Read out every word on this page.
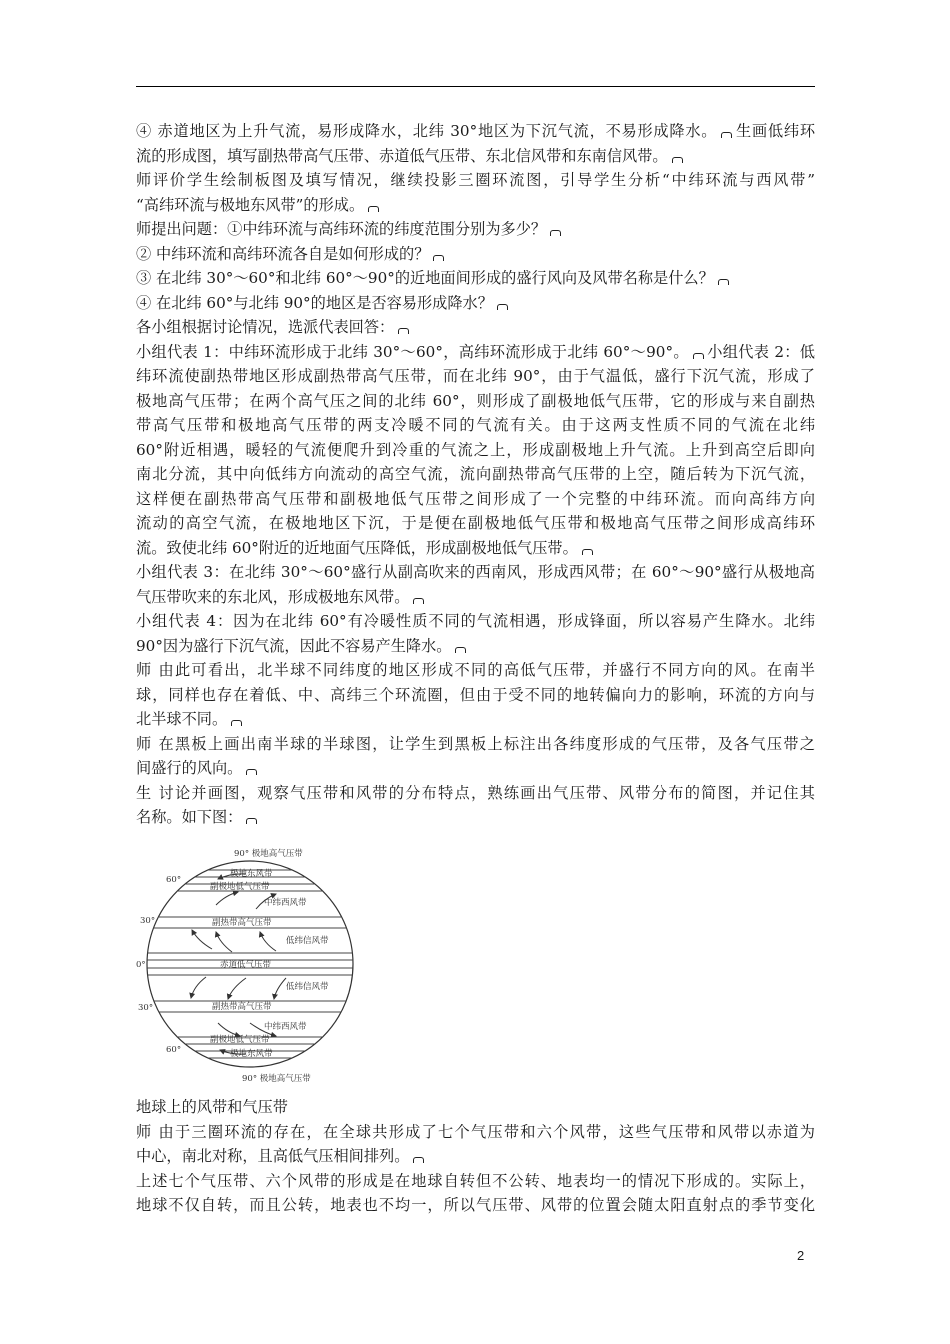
④ 赤道地区为上升气流，易形成降水，北纬 30°地区为下沉气流，不易形成降水。 生画低纬环
流的形成图，填写副热带高气压带、赤道低气压带、东北信风带和东南信风带。
师评价学生绘制板图及填写情况，继续投影三圈环流图，引导学生分析“中纬环流与西风带”
“高纬环流与极地东风带”的形成。
师提出问题：①中纬环流与高纬环流的纬度范围分别为多少？
② 中纬环流和高纬环流各自是如何形成的？
③ 在北纬 30°～60°和北纬 60°～90°的近地面间形成的盛行风向及风带名称是什么？
④ 在北纬 60°与北纬 90°的地区是否容易形成降水？
各小组根据讨论情况，选派代表回答：
小组代表 1：中纬环流形成于北纬 30°～60°，高纬环流形成于北纬 60°～90°。 小组代表 2：低
纬环流使副热带地区形成副热带高气压带，而在北纬 90°，由于气温低，盛行下沉气流，形成了
极地高气压带；在两个高气压之间的北纬 60°，则形成了副极地低气压带，它的形成与来自副热
带高气压带和极地高气压带的两支冷暖不同的气流有关。由于这两支性质不同的气流在北纬
60°附近相遇，暖轻的气流便爬升到冷重的气流之上，形成副极地上升气流。上升到高空后即向
南北分流，其中向低纬方向流动的高空气流，流向副热带高气压带的上空，随后转为下沉气流，
这样便在副热带高气压带和副极地低气压带之间形成了一个完整的中纬环流。而向高纬方向
流动的高空气流，在极地地区下沉，于是便在副极地低气压带和极地高气压带之间形成高纬环
流。致使北纬 60°附近的近地面气压降低，形成副极地低气压带。
小组代表 3：在北纬 30°～60°盛行从副高吹来的西南风，形成西风带；在 60°～90°盛行从极地高
气压带吹来的东北风，形成极地东风带。
小组代表 4：因为在北纬 60°有冷暖性质不同的气流相遇，形成锋面，所以容易产生降水。北纬
90°因为盛行下沉气流，因此不容易产生降水。
师 由此可看出，北半球不同纬度的地区形成不同的高低气压带，并盛行不同方向的风。在南半
球，同样也存在着低、中、高纬三个环流圈，但由于受不同的地转偏向力的影响，环流的方向与
北半球不同。
师 在黑板上画出南半球的半球图，让学生到黑板上标注出各纬度形成的气压带，及各气压带之
间盛行的风向。
生 讨论并画图，观察气压带和风带的分布特点，熟练画出气压带、风带分布的简图，并记住其
名称。如下图：
90° 极地高气压带
60°
30°
0°
30°
60°
极地东风带
副极地低气压带
中纬西风带
副热带高气压带
低纬信风带
赤道低气压带
低纬信风带
副热带高气压带
中纬西风带
副极地低气压带
极地东风带
90° 极地高气压带
地球上的风带和气压带
师 由于三圈环流的存在，在全球共形成了七个气压带和六个风带，这些气压带和风带以赤道为
中心，南北对称，且高低气压相间排列。
上述七个气压带、六个风带的形成是在地球自转但不公转、地表均一的情况下形成的。实际上，
地球不仅自转，而且公转，地表也不均一，所以气压带、风带的位置会随太阳直射点的季节变化
2
